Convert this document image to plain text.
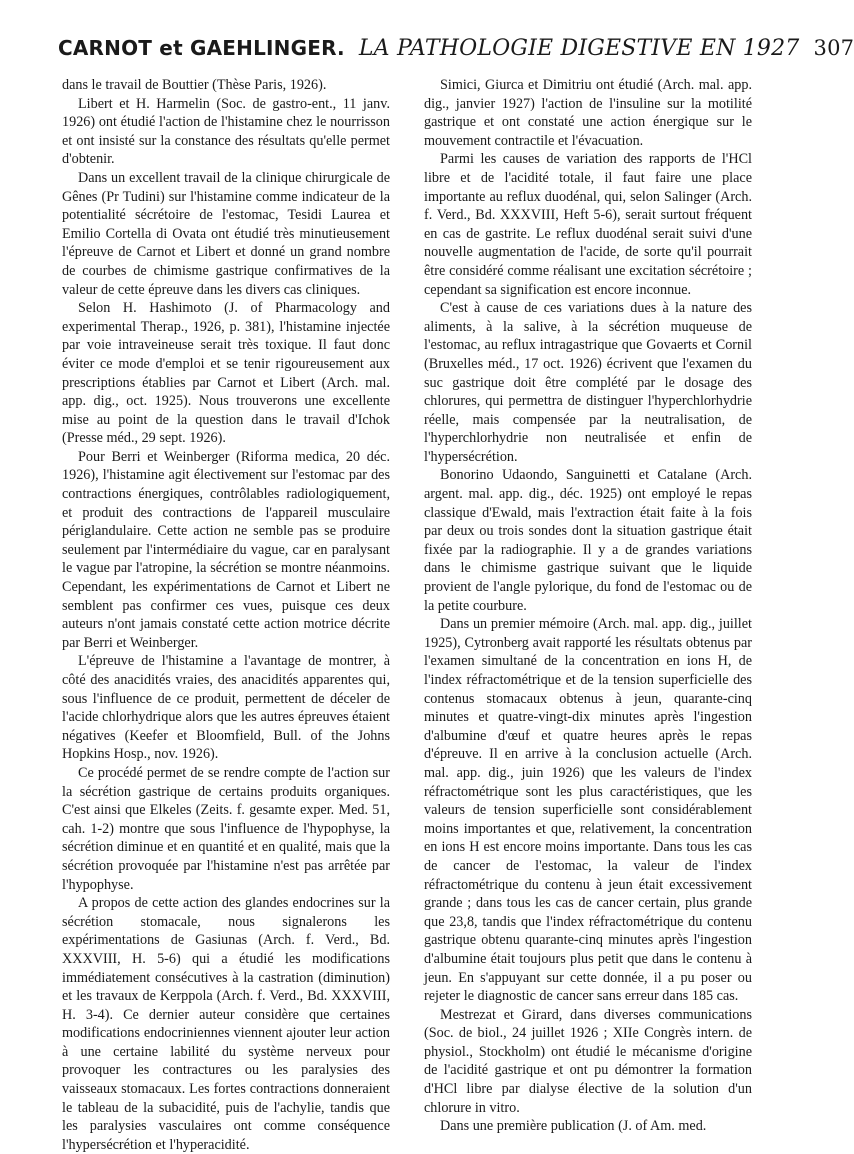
CARNOT et GAEHLINGER. LA PATHOLOGIE DIGESTIVE EN 1927 307

dans le travail de Bouttier (Thèse Paris, 1926).

Libert et H. Harmelin (Soc. de gastro-ent., 11 janv. 1926) ont étudié l'action de l'histamine chez le nourrisson et ont insisté sur la constance des résultats qu'elle permet d'obtenir.

Dans un excellent travail de la clinique chirurgicale de Gênes (Pr Tudini) sur l'histamine comme indicateur de la potentialité sécrétoire de l'estomac, Tesidi Laurea et Emilio Cortella di Ovata ont étudié très minutieusement l'épreuve de Carnot et Libert et donné un grand nombre de courbes de chimisme gastrique confirmatives de la valeur de cette épreuve dans les divers cas cliniques.

Selon H. Hashimoto (J. of Pharmacology and experimental Therap., 1926, p. 381), l'histamine injectée par voie intraveineuse serait très toxique. Il faut donc éviter ce mode d'emploi et se tenir rigoureusement aux prescriptions établies par Carnot et Libert (Arch. mal. app. dig., oct. 1925). Nous trouverons une excellente mise au point de la question dans le travail d'Ichok (Presse méd., 29 sept. 1926).

Pour Berri et Weinberger (Riforma medica, 20 déc. 1926), l'histamine agit électivement sur l'estomac par des contractions énergiques, contrôlables radiologiquement, et produit des contractions de l'appareil musculaire périglandulaire. Cette action ne semble pas se produire seulement par l'intermédiaire du vague, car en paralysant le vague par l'atropine, la sécrétion se montre néanmoins. Cependant, les expérimentations de Carnot et Libert ne semblent pas confirmer ces vues, puisque ces deux auteurs n'ont jamais constaté cette action motrice décrite par Berri et Weinberger.

L'épreuve de l'histamine a l'avantage de montrer, à côté des anacidités vraies, des anacidités apparentes qui, sous l'influence de ce produit, permettent de déceler de l'acide chlorhydrique alors que les autres épreuves étaient négatives (Keefer et Bloomfield, Bull. of the Johns Hopkins Hosp., nov. 1926).

Ce procédé permet de se rendre compte de l'action sur la sécrétion gastrique de certains produits organiques. C'est ainsi que Elkeles (Zeits. f. gesamte exper. Med. 51, cah. 1-2) montre que sous l'influence de l'hypophyse, la sécrétion diminue et en quantité et en qualité, mais que la sécrétion provoquée par l'histamine n'est pas arrêtée par l'hypophyse.

A propos de cette action des glandes endocrines sur la sécrétion stomacale, nous signalerons les expérimentations de Gasiunas (Arch. f. Verd., Bd. XXXVIII, H. 5-6) qui a étudié les modifications immédiatement consécutives à la castration (diminution) et les travaux de Kerppola (Arch. f. Verd., Bd. XXXVIII, H. 3-4). Ce dernier auteur considère que certaines modifications endocriniennes viennent ajouter leur action à une certaine labilité du système nerveux pour provoquer les contractures ou les paralysies des vaisseaux stomacaux. Les fortes contractions donneraient le tableau de la subacidité, puis de l'achylie, tandis que les paralysies vasculaires ont comme conséquence l'hypersécrétion et l'hyperacidité.

Simici, Giurca et Dimitriu ont étudié (Arch. mal. app. dig., janvier 1927) l'action de l'insuline sur la motilité gastrique et ont constaté une action énergique sur le mouvement contractile et l'évacuation.

Parmi les causes de variation des rapports de l'HCl libre et de l'acidité totale, il faut faire une place importante au reflux duodénal, qui, selon Salinger (Arch. f. Verd., Bd. XXXVIII, Heft 5-6), serait surtout fréquent en cas de gastrite. Le reflux duodénal serait suivi d'une nouvelle augmentation de l'acide, de sorte qu'il pourrait être considéré comme réalisant une excitation sécrétoire ; cependant sa signification est encore inconnue.

C'est à cause de ces variations dues à la nature des aliments, à la salive, à la sécrétion muqueuse de l'estomac, au reflux intragastrique que Govaerts et Cornil (Bruxelles méd., 17 oct. 1926) écrivent que l'examen du suc gastrique doit être complété par le dosage des chlorures, qui permettra de distinguer l'hyperchlorhydrie réelle, mais compensée par la neutralisation, de l'hyperchlorhydrie non neutralisée et enfin de l'hypersécrétion.

Bonorino Udaondo, Sanguinetti et Catalane (Arch. argent. mal. app. dig., déc. 1925) ont employé le repas classique d'Ewald, mais l'extraction était faite à la fois par deux ou trois sondes dont la situation gastrique était fixée par la radiographie. Il y a de grandes variations dans le chimisme gastrique suivant que le liquide provient de l'angle pylorique, du fond de l'estomac ou de la petite courbure.

Dans un premier mémoire (Arch. mal. app. dig., juillet 1925), Cytronberg avait rapporté les résultats obtenus par l'examen simultané de la concentration en ions H, de l'index réfractométrique et de la tension superficielle des contenus stomacaux obtenus à jeun, quarante-cinq minutes et quatre-vingt-dix minutes après l'ingestion d'albumine d'œuf et quatre heures après le repas d'épreuve. Il en arrive à la conclusion actuelle (Arch. mal. app. dig., juin 1926) que les valeurs de l'index réfractométrique sont les plus caractéristiques, que les valeurs de tension superficielle sont considérablement moins importantes et que, relativement, la concentration en ions H est encore moins importante. Dans tous les cas de cancer de l'estomac, la valeur de l'index réfractométrique du contenu à jeun était excessivement grande ; dans tous les cas de cancer certain, plus grande que 23,8, tandis que l'index réfractométrique du contenu gastrique obtenu quarante-cinq minutes après l'ingestion d'albumine était toujours plus petit que dans le contenu à jeun. En s'appuyant sur cette donnée, il a pu poser ou rejeter le diagnostic de cancer sans erreur dans 185 cas.

Mestrezat et Girard, dans diverses communications (Soc. de biol., 24 juillet 1926 ; XIIe Congrès intern. de physiol., Stockholm) ont étudié le mécanisme d'origine de l'acidité gastrique et ont pu démontrer la formation d'HCl libre par dialyse élective de la solution d'un chlorure in vitro.

Dans une première publication (J. of Am. med.
